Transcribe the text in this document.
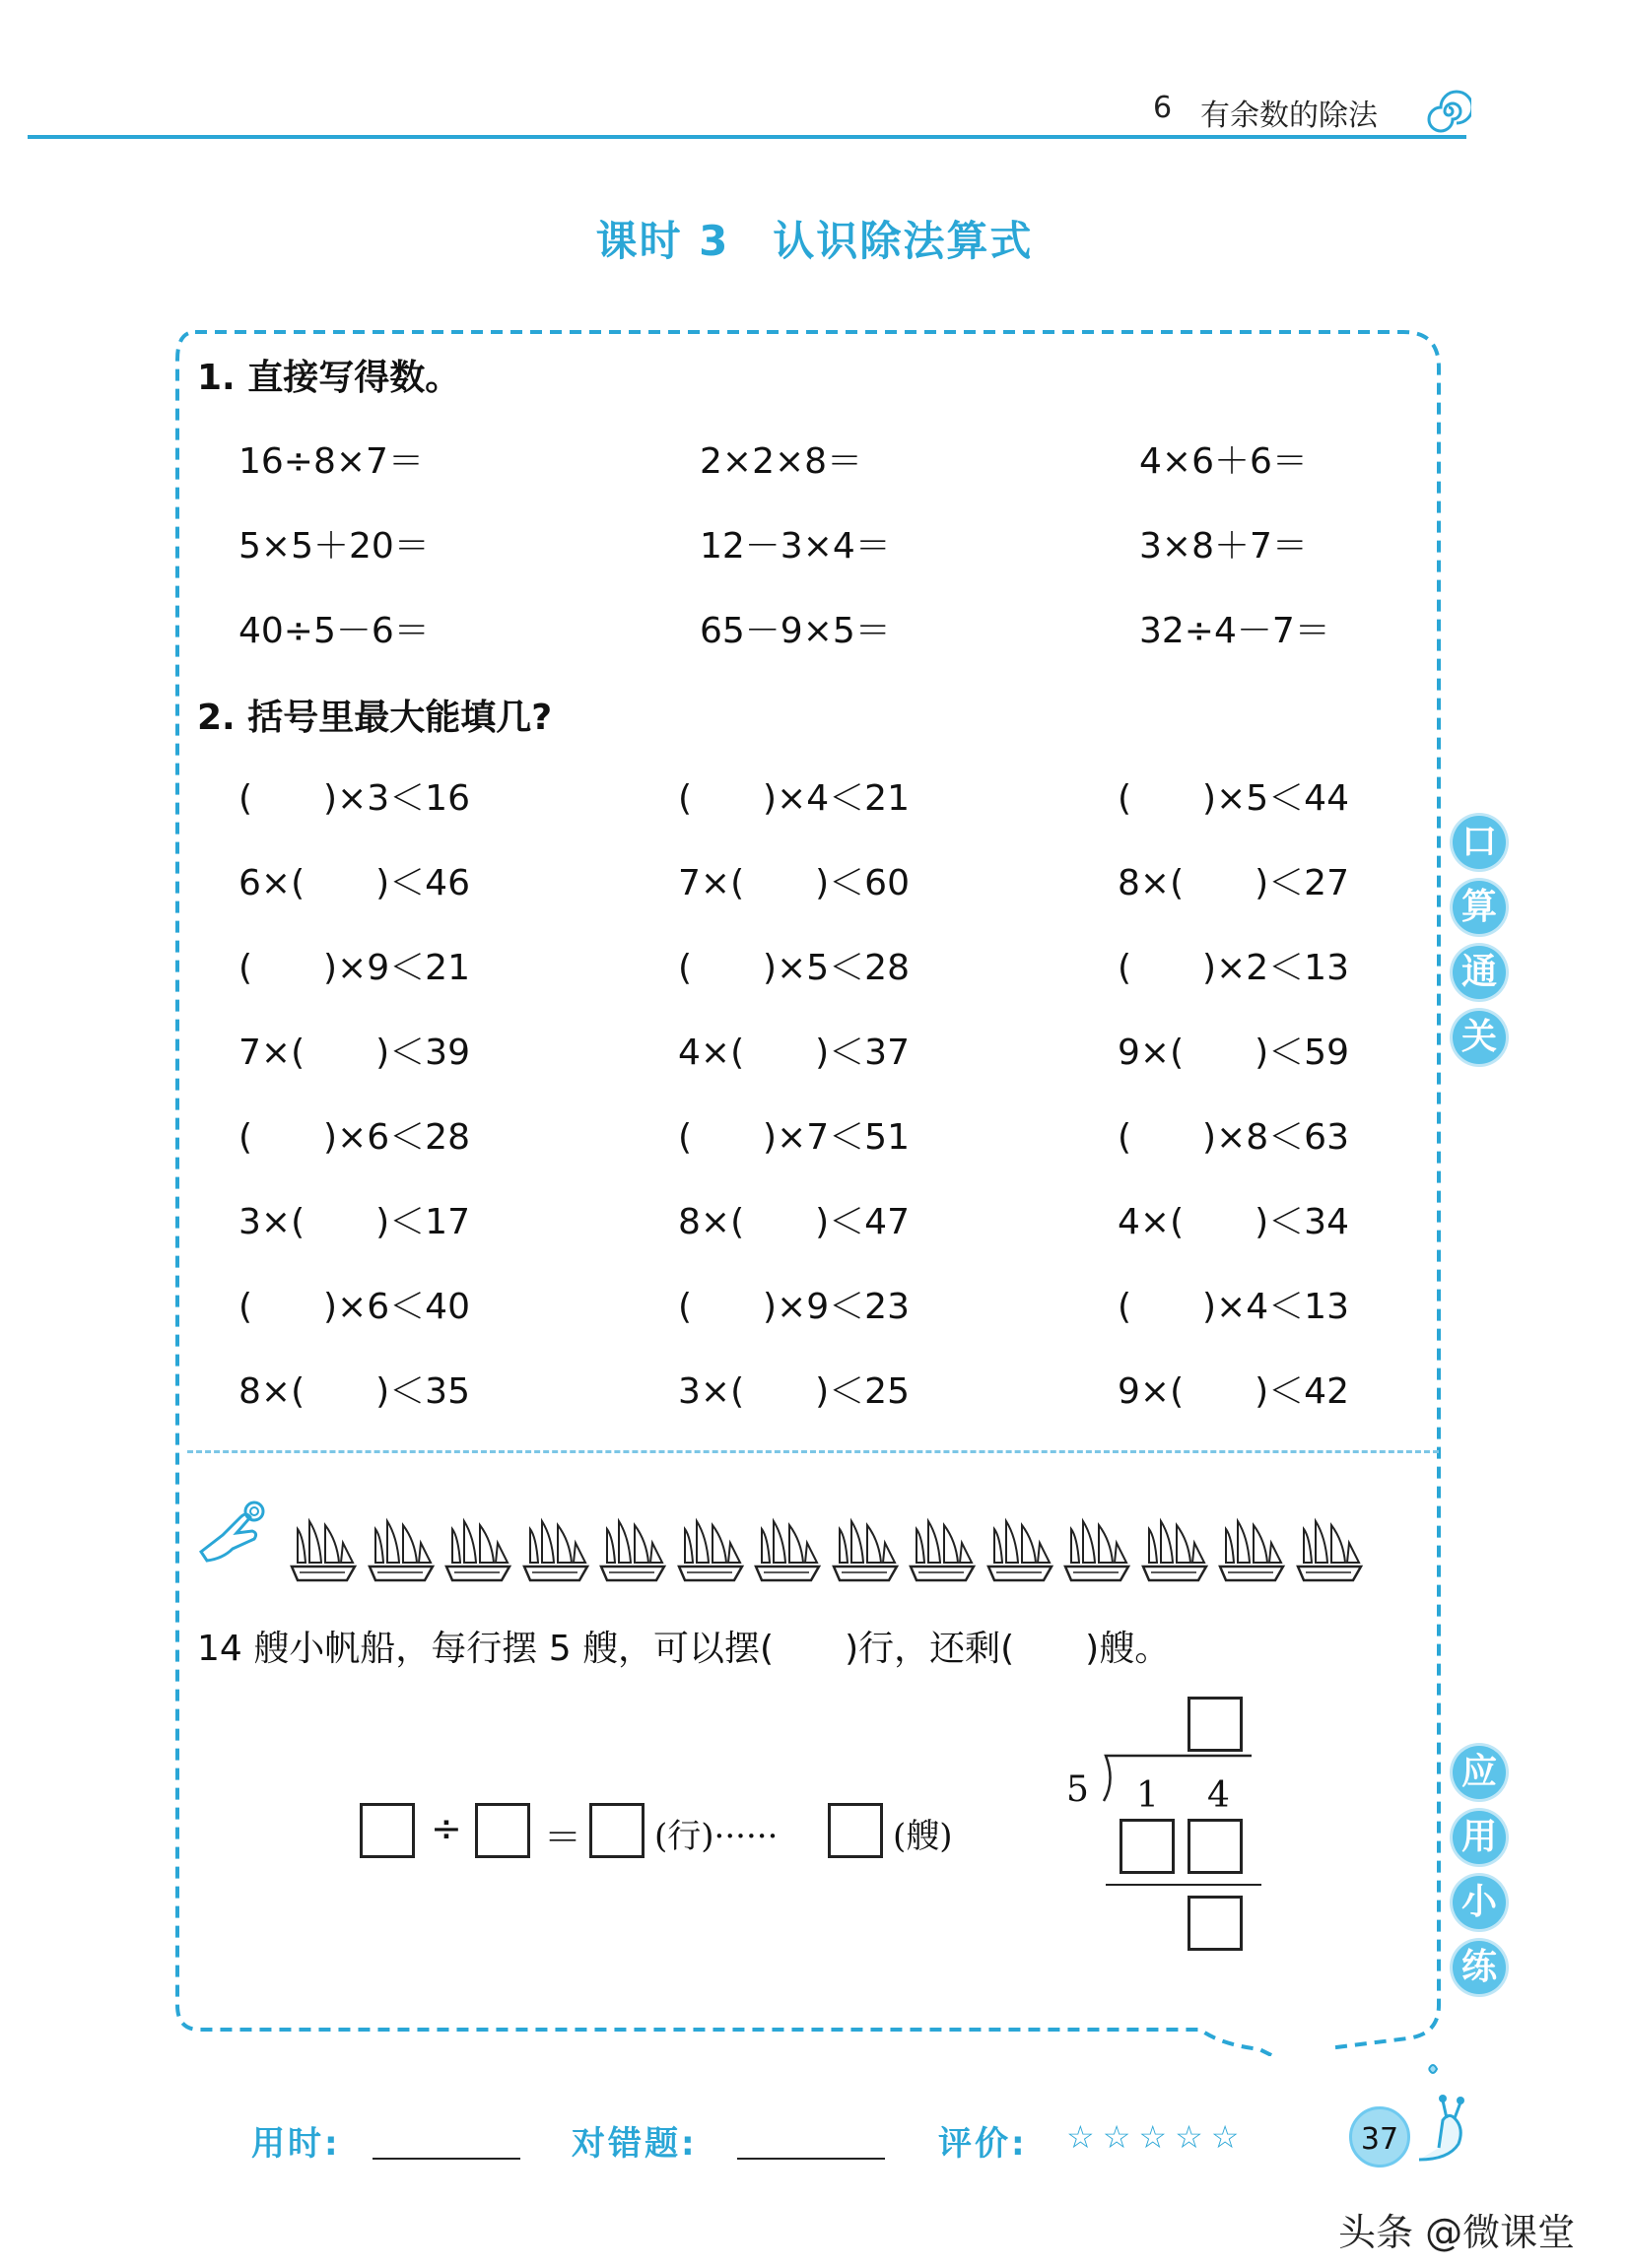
6 有余数的除法
课时 3　认识除法算式
1. 直接写得数。
16÷8×7＝	2×2×8＝	4×6＋6＝
5×5＋20＝	12－3×4＝	3×8＋7＝
40÷5－6＝	65－9×5＝	32÷4－7＝
2. 括号里最大能填几?
(　　)×3＜16	(　　)×4＜21	(　　)×5＜44
6×(　　)＜46	7×(　　)＜60	8×(　　)＜27
(　　)×9＜21	(　　)×5＜28	(　　)×2＜13
7×(　　)＜39	4×(　　)＜37	9×(　　)＜59
(　　)×6＜28	(　　)×7＜51	(　　)×8＜63
3×(　　)＜17	8×(　　)＜47	4×(　　)＜34
(　　)×6＜40	(　　)×9＜23	(　　)×4＜13
8×(　　)＜35	3×(　　)＜25	9×(　　)＜42
口
算
通
关
应
用
小
练
14 艘小帆船，每行摆 5 艘，可以摆(　　)行，还剩(　　)艘。
÷ ＝ (行)······	(艘)
5 1 4
用时:	对错题:	评价: ☆☆☆☆☆	37
头条 @微课堂
